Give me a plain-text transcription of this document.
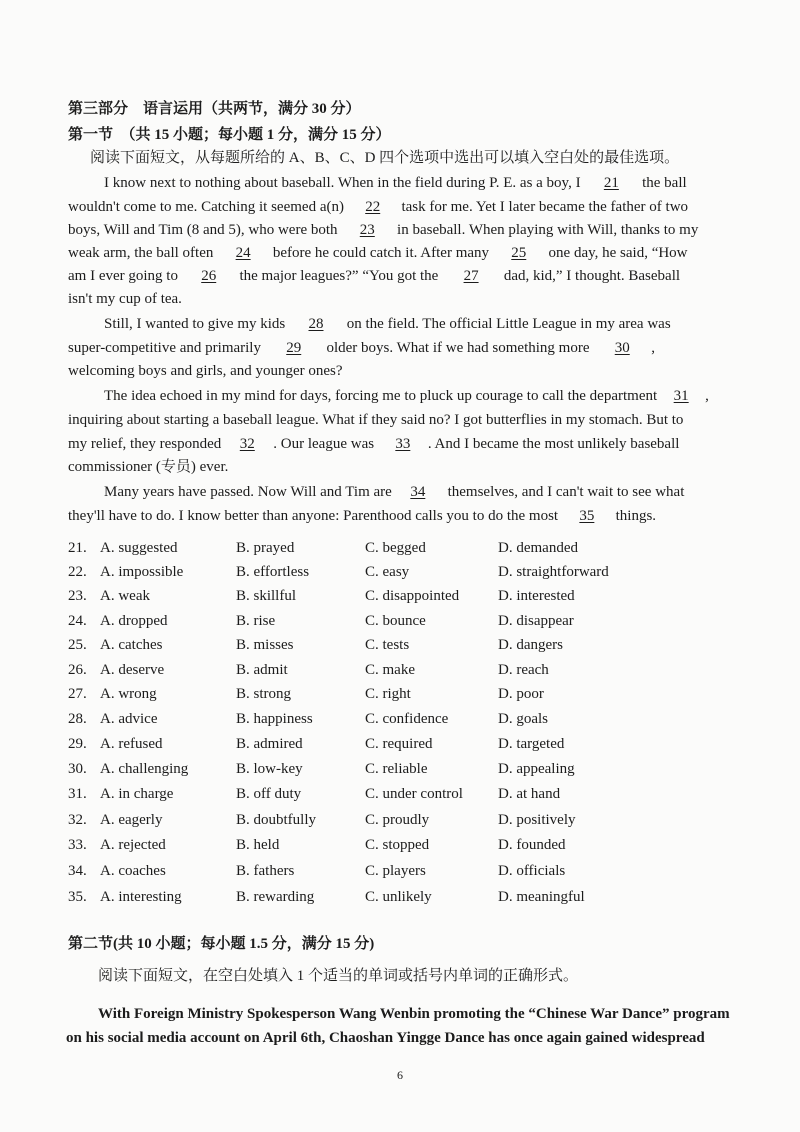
第三部分　语言运用（共两节，满分 30 分）
第一节　（共 15 小题；每小题 1 分，满分 15 分）
阅读下面短文，从每题所给的 A、B、C、D 四个选项中选出可以填入空白处的最佳选项。
I know next to nothing about baseball. When in the field during P. E. as a boy, I 21 the ball
wouldn't come to me. Catching it seemed a(n) 22 task for me. Yet I later became the father of two
boys, Will and Tim (8 and 5), who were both 23 in baseball. When playing with Will, thanks to my
weak arm, the ball often 24 before he could catch it. After many 25 one day, he said, “How
am I ever going to 26 the major leagues?” “You got the 27 dad, kid,” I thought. Baseball
isn't my cup of tea.
Still, I wanted to give my kids 28 on the field. The official Little League in my area was
super-competitive and primarily 29 older boys. What if we had something more 30 ,
welcoming boys and girls, and younger ones?
The idea echoed in my mind for days, forcing me to pluck up courage to call the department 31 ,
inquiring about starting a baseball league. What if they said no? I got butterflies in my stomach. But to
my relief, they responded 32 . Our league was 33 . And I became the most unlikely baseball
commissioner (专员) ever.
Many years have passed. Now Will and Tim are 34 themselves, and I can't wait to see what
they'll have to do. I know better than anyone: Parenthood calls you to do the most 35 things.
21. A. suggested	B. prayed	C. begged	D. demanded
22. A. impossible	B. effortless	C. easy	D. straightforward
23. A. weak	B. skillful	C. disappointed	D. interested
24. A. dropped	B. rise	C. bounce	D. disappear
25. A. catches	B. misses	C. tests	D. dangers
26. A. deserve	B. admit	C. make	D. reach
27. A. wrong	B. strong	C. right	D. poor
28. A. advice	B. happiness	C. confidence	D. goals
29. A. refused	B. admired	C. required	D. targeted
30. A. challenging	B. low-key	C. reliable	D. appealing
31. A. in charge	B. off duty	C. under control D. at hand
32. A. eagerly	B. doubtfully	C. proudly	D. positively
33. A. rejected	B. held	C. stopped	D. founded
34. A. coaches	B. fathers	C. players	D. officials
35. A. interesting	B. rewarding	C. unlikely	D. meaningful
第二节(共 10 小题；每小题 1.5 分，满分 15 分)
阅读下面短文，在空白处填入 1 个适当的单词或括号内单词的正确形式。
With Foreign Ministry Spokesperson Wang Wenbin promoting the “Chinese War Dance” program
on his social media account on April 6th, Chaoshan Yingge Dance has once again gained widespread
6
